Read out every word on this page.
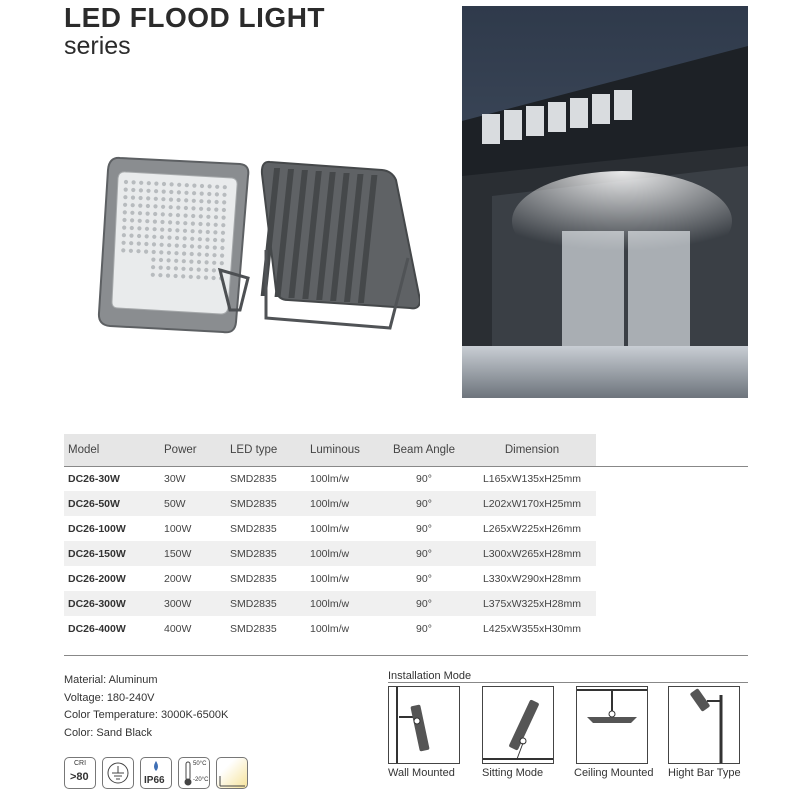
LED FLOOD LIGHT
series
Model	Power	LED type	Luminous	Beam Angle	Dimension	
DC26-30W	30W	SMD2835	100lm/w	90°	L165xW135xH25mm	
DC26-50W	50W	SMD2835	100lm/w	90°	L202xW170xH25mm	
DC26-100W	100W	SMD2835	100lm/w	90°	L265xW225xH26mm	
DC26-150W	150W	SMD2835	100lm/w	90°	L300xW265xH28mm	
DC26-200W	200W	SMD2835	100lm/w	90°	L330xW290xH28mm	
DC26-300W	300W	SMD2835	100lm/w	90°	L375xW325xH28mm	
DC26-400W	400W	SMD2835	100lm/w	90°	L425xW355xH30mm	
Material: Aluminum
Voltage: 180-240V
Color Temperature: 3000K-6500K
Color: Sand Black
CRI
>80	IP66
50°C
-20°C
Installation Mode
Wall Mounted Sitting Mode	Ceiling Mounted Hight Bar Type
